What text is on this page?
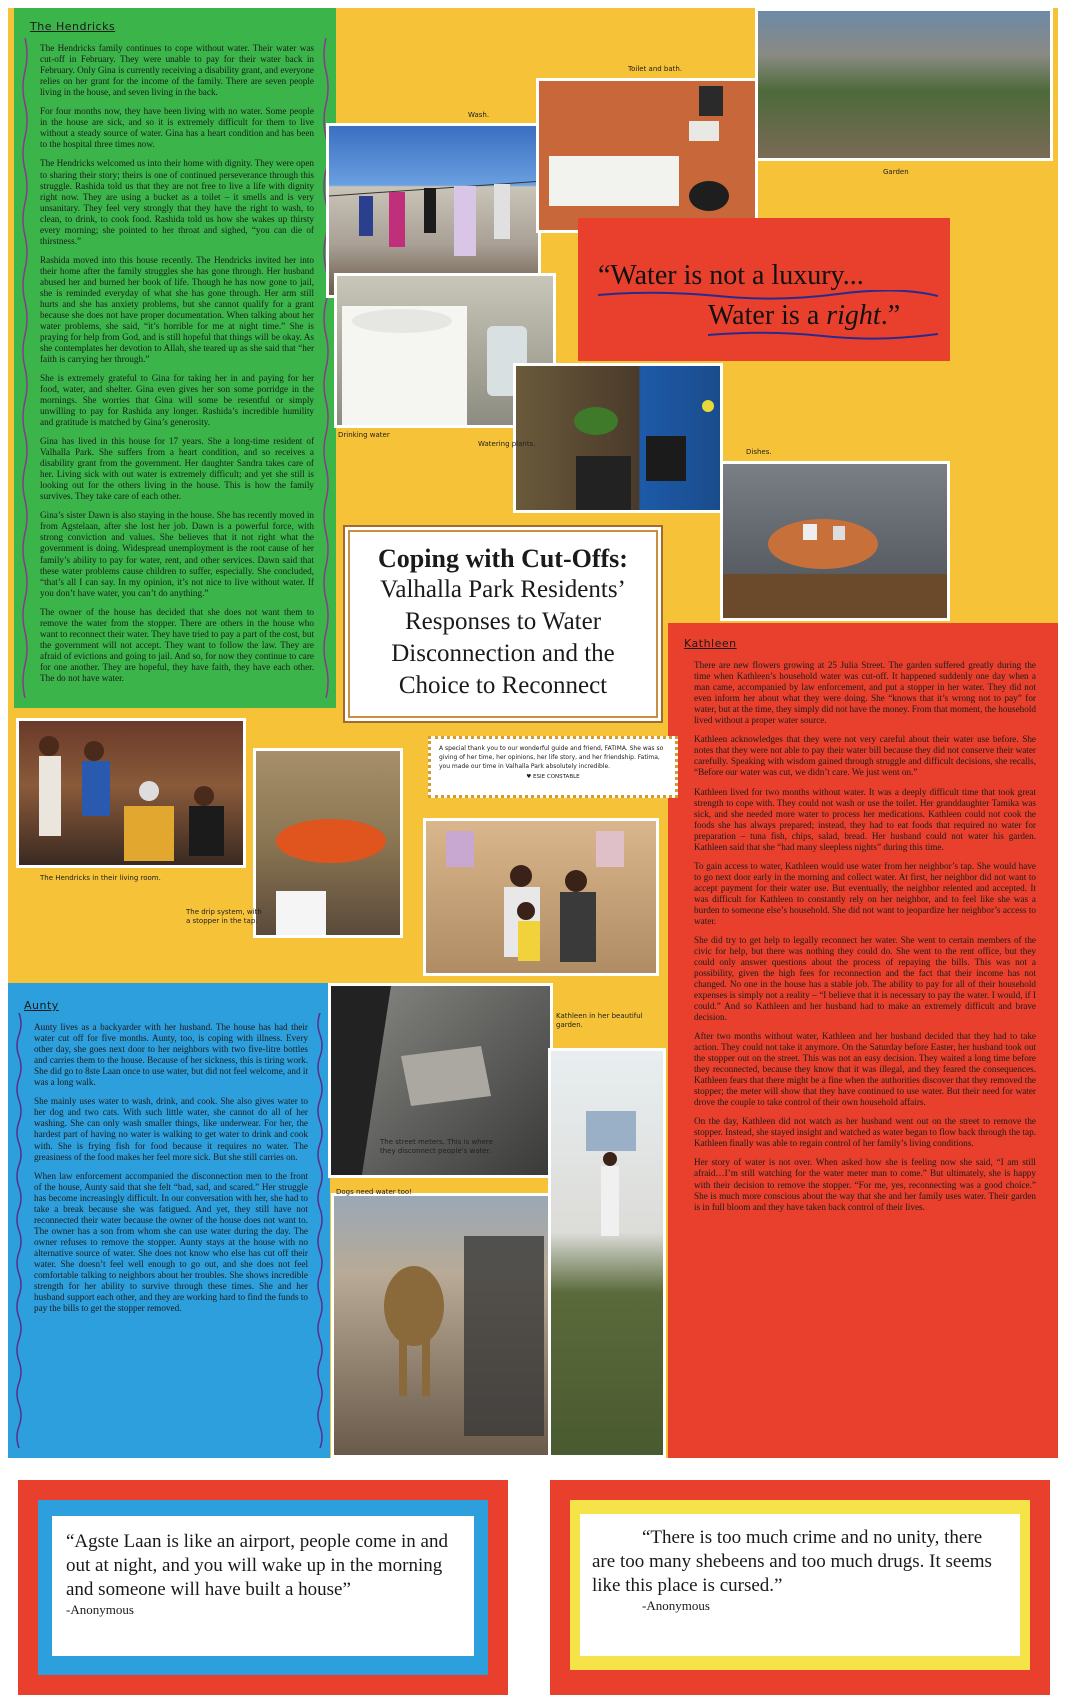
The Hendricks

The Hendricks family continues to cope without water. Their water was cut-off in February. They were unable to pay for their water back in February. Only Gina is currently receiving a disability grant, and everyone relies on her grant for the income of the family. There are seven people living in the house, and seven living in the back.

For four months now, they have been living with no water. Some people in the house are sick, and so it is extremely difficult for them to live without a steady source of water. Gina has a heart condition and has been to the hospital three times now.

The Hendricks welcomed us into their home with dignity. They were open to sharing their story; theirs is one of continued perseverance through this struggle. Rashida told us that they are not free to live a life with dignity right now. They are using a bucket as a toilet – it smells and is very unsanitary. They feel very strongly that they have the right to wash, to clean, to drink, to cook food. Rashida told us how she wakes up thirsty every morning; she pointed to her throat and sighed, “you can die of thirstness.”

Rashida moved into this house recently. The Hendricks invited her into their home after the family struggles she has gone through. Her husband abused her and burned her book of life. Though he has now gone to jail, she is reminded everyday of what she has gone through. Her arm still hurts and she has anxiety problems, but she cannot qualify for a grant because she does not have proper documentation. When talking about her water problems, she said, “it’s horrible for me at night time.” She is praying for help from God, and is still hopeful that things will be okay. As she contemplates her devotion to Allah, she teared up as she said that “her faith is carrying her through.”

She is extremely grateful to Gina for taking her in and paying for her food, water, and shelter. Gina even gives her son some porridge in the mornings. She worries that Gina will some be resentful or simply unwilling to pay for Rashida any longer. Rashida’s incredible humility and gratitude is matched by Gina’s generosity.

Gina has lived in this house for 17 years. She a long-time resident of Valhalla Park. She suffers from a heart condition, and so receives a disability grant from the government. Her daughter Sandra takes care of her. Living sick with out water is extremely difficult; and yet she still is looking out for the others living in the house. This is how the family survives. They take care of each other.

Gina’s sister Dawn is also staying in the house. She has recently moved in from Agstelaan, after she lost her job. Dawn is a powerful force, with strong conviction and values. She believes that it not right what the government is doing. Widespread unemployment is the root cause of her family’s ability to pay for water, rent, and other services. Dawn said that these water problems cause children to suffer, especially. She concluded, “that’s all I can say. In my opinion, it’s not nice to live without water. If you don’t have water, you can’t do anything.”

The owner of the house has decided that she does not want them to remove the water from the stopper. There are others in the house who want to reconnect their water. They have tried to pay a part of the cost, but the government will not accept. They want to follow the law. They are afraid of evictions and going to jail. And so, for now they continue to care for one another. They are hopeful, they have faith, they have each other. The do not have water.

Kathleen

There are new flowers growing at 25 Julia Street. The garden suffered greatly during the time when Kathleen’s household water was cut-off. It happened suddenly one day when a man came, accompanied by law enforcement, and put a stopper in her water. They did not even inform her about what they were doing. She “knows that it’s wrong not to pay” for water, but at the time, they simply did not have the money. From that moment, the household lived without a proper water source.

Kathleen acknowledges that they were not very careful about their water use before. She notes that they were not able to pay their water bill because they did not conserve their water carefully. Speaking with wisdom gained through struggle and difficult decisions, she recalls, “Before our water was cut, we didn’t care. We just went on.”

Kathleen lived for two months without water. It was a deeply difficult time that took great strength to cope with. They could not wash or use the toilet. Her granddaughter Tamika was sick, and she needed more water to process her medications. Kathleen could not cook the foods she has always prepared; instead, they had to eat foods that required no water for preparation – tuna fish, chips, salad, bread. Her husband could not water his garden. Kathleen said that she “had many sleepless nights” during this time.

To gain access to water, Kathleen would use water from her neighbor’s tap. She would have to go next door early in the morning and collect water. At first, her neighbor did not want to accept payment for their water use. But eventually, the neighbor relented and accepted. It was difficult for Kathleen to constantly rely on her neighbor, and to feel like she was a burden to someone else’s household. She did not want to jeopardize her neighbor’s access to water.

She did try to get help to legally reconnect her water. She went to certain members of the civic for help, but there was nothing they could do. She went to the rent office, but they could only answer questions about the process of repaying the bills. This was not a possibility, given the high fees for reconnection and the fact that their income has not changed. No one in the house has a stable job. The ability to pay for all of their household expenses is simply not a reality – “I believe that it is necessary to pay the water. I would, if I could.” And so Kathleen and her husband had to make an extremely difficult and brave decision.

After two months without water, Kathleen and her husband decided that they had to take action. They could not take it anymore. On the Saturday before Easter, her husband took out the stopper out on the street. This was not an easy decision. They waited a long time before they reconnected, because they know that it was illegal, and they feared the consequences. Kathleen fears that there might be a fine when the authorities discover that they removed the stopper; the meter will show that they have continued to use water. But their need for water drove the couple to take control of their own household affairs.

On the day, Kathleen did not watch as her husband went out on the street to remove the stopper. Instead, she stayed insight and watched as water began to flow back through the tap. Kathleen finally was able to regain control of her family’s living conditions.

Her story of water is not over. When asked how she is feeling now she said, “I am still afraid…I’m still watching for the water meter man to come.” But ultimately, she is happy with their decision to remove the stopper. “For me, yes, reconnecting was a good choice.” She is much more conscious about the way that she and her family uses water. Their garden is in full bloom and they have taken back control of their lives.

Aunty

Aunty lives as a backyarder with her husband. The house has had their water cut off for five months. Aunty, too, is coping with illness. Every other day, she goes next door to her neighbors with two five-litre bottles and carries them to the house. Because of her sickness, this is tiring work. She did go to 8ste Laan once to use water, but did not feel welcome, and it was a long walk.

She mainly uses water to wash, drink, and cook. She also gives water to her dog and two cats. With such little water, she cannot do all of her washing. She can only wash smaller things, like underwear. For her, the hardest part of having no water is walking to get water to drink and cook with. She is frying fish for food because it requires no water. The greasiness of the food makes her feel more sick. But she still carries on.

When law enforcement accompanied the disconnection men to the front of the house, Aunty said that she felt “bad, sad, and scared.” Her struggle has become increasingly difficult. In our conversation with her, she had to take a break because she was fatigued. And yet, they still have not reconnected their water because the owner of the house does not want to. The owner has a son from whom she can use water during the day. The owner refuses to remove the stopper. Aunty stays at the house with no alternative source of water. She does not know who else has cut off their water. She doesn’t feel well enough to go out, and she does not feel comfortable talking to neighbors about her troubles. She shows incredible strength for her ability to survive through these times. She and her husband support each other, and they are working hard to find the funds to pay the bills to get the stopper removed.

Wash.
Toilet and bath.
Garden
Drinking water
Watering plants.
Dishes.
“Water is not a luxury...
Water is a right.”
Coping with Cut-Offs:
Valhalla Park Residents’
Responses to Water
Disconnection and the
Choice to Reconnect
The Hendricks in their living room.
The drip system, with a stopper in the tap.
A special thank you to our wonderful guide and friend, FATIMA. She was so giving of her time, her opinions, her life story, and her friendship. Fatima, you made our time in Valhalla Park absolutely incredible.
♥ ESIE CONSTABLE
The street meters. This is where they disconnect people's water.
Dogs need water too!
Kathleen in her beautiful garden.
“Agste Laan is like an airport, people come in and out at night, and you will wake up in the morning and someone will have built a house”
-Anonymous
“There is too much crime and no unity, there are too many shebeens and too much drugs. It seems like this place is cursed.”
-Anonymous
